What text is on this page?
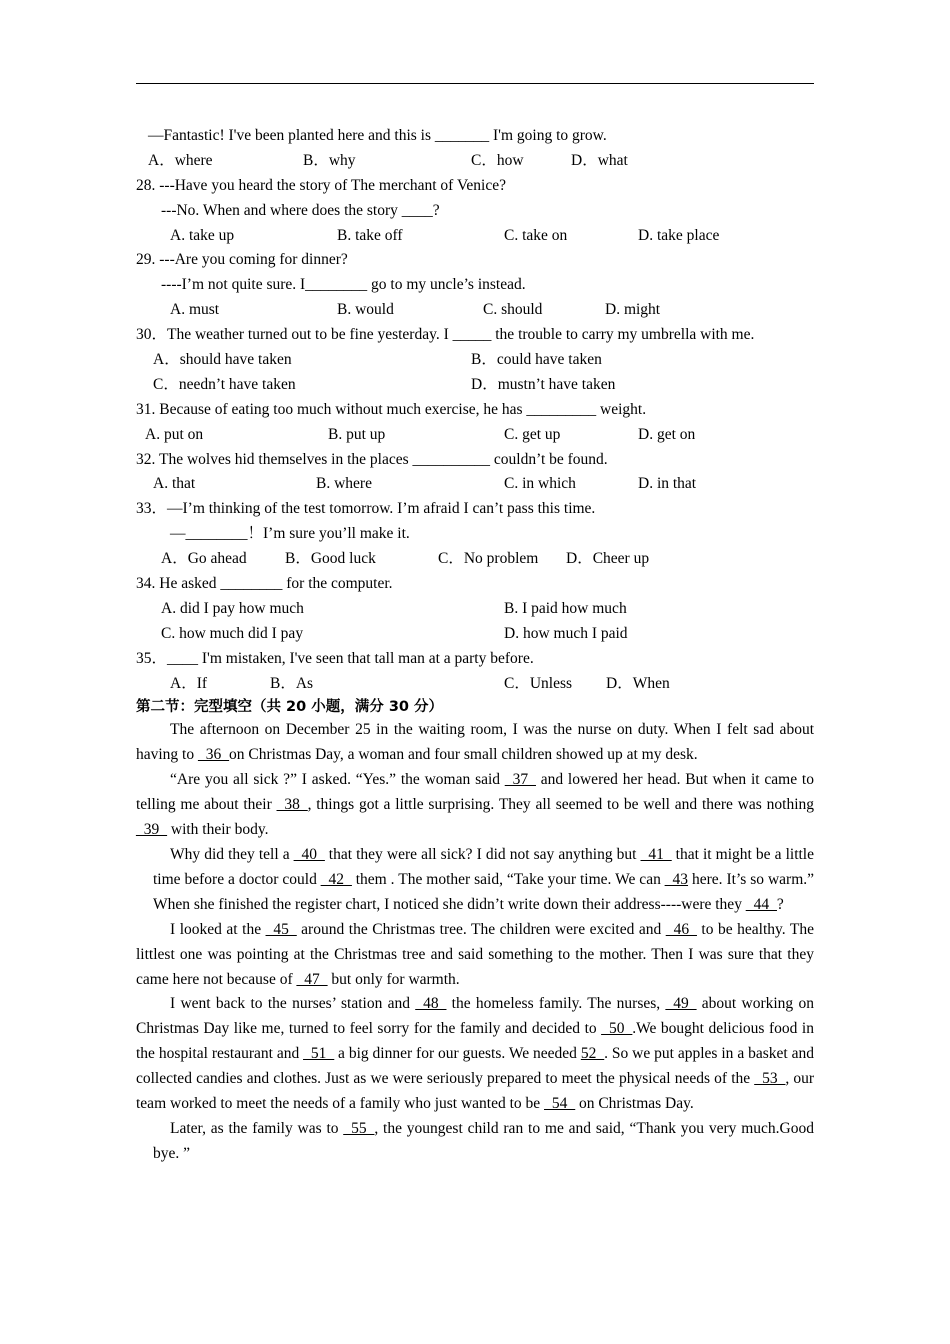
—Fantastic! I've been planted here and this is _______ I'm going to grow.

A．where

	B．why

	C．how

	D．what

28. ---Have you heard the story of The merchant of Venice?
---No. When and where does the story ____?

A. take up

	B. take off

	C. take on

	D. take place

29. ---Are you coming for dinner?
----I’m not quite sure. I________ go to my uncle’s instead.

A. must

	B. would

	C. should

	D. might

30．The weather turned out to be fine yesterday. I _____ the trouble to carry my umbrella with me.

A．should have taken

	B．could have taken

C．needn’t have taken

	D．mustn’t have taken

31. Because of eating too much without much exercise, he has _________ weight.

A. put on

	B. put up

	C. get up

	D. get on

32. The wolves hid themselves in the places __________ couldn’t be found.

A. that

	B. where

	C. in which

	D. in that

33．—I’m thinking of the test tomorrow. I’m afraid I can’t pass this time.
—________！I’m sure you’ll make it.

A．Go ahead

B．Good luck

	C．No problem

D．Cheer up

34. He asked ________ for the computer.

A. did I pay how much

	B. I paid how much

C. how much did I pay

	D. how much I paid

35．____ I'm mistaken, I've seen that tall man at a party before.

A．If

	B．As

	C．Unless

D．When

第二节：完型填空（共 20 小题，满分 30 分）
The afternoon on December 25 in the waiting room, I was the nurse on duty. When I felt sad about having to _36_on Christmas Day, a woman and four small children showed up at my desk.
“Are you all sick ?” I asked. “Yes.” the woman said _37_ and lowered her head. But when it came to telling me about their _38_, things got a little surprising. They all seemed to be well and there was nothing _39_ with their body.
Why did they tell a _40_ that they were all sick? I did not say anything but _41_ that it might be a little time before a doctor could _42_ them . The mother said, “Take your time. We can _43 here. It’s so warm.” When she finished the register chart, I noticed she didn’t write down their address----were they _44_?
I looked at the _45_ around the Christmas tree. The children were excited and _46_ to be healthy. The littlest one was pointing at the Christmas tree and said something to the mother. Then I was sure that they came here not because of _47_ but only for warmth.
I went back to the nurses’ station and _48_ the homeless family. The nurses, _49_ about working on Christmas Day like me, turned to feel sorry for the family and decided to _50_.We bought delicious food in the hospital restaurant and _51_ a big dinner for our guests. We needed 52_. So we put apples in a basket and collected candies and clothes. Just as we were seriously prepared to meet the physical needs of the _53_, our team worked to meet the needs of a family who just wanted to be _54_ on Christmas Day.
Later, as the family was to _55_, the youngest child ran to me and said, “Thank you very much.Good bye. ”
